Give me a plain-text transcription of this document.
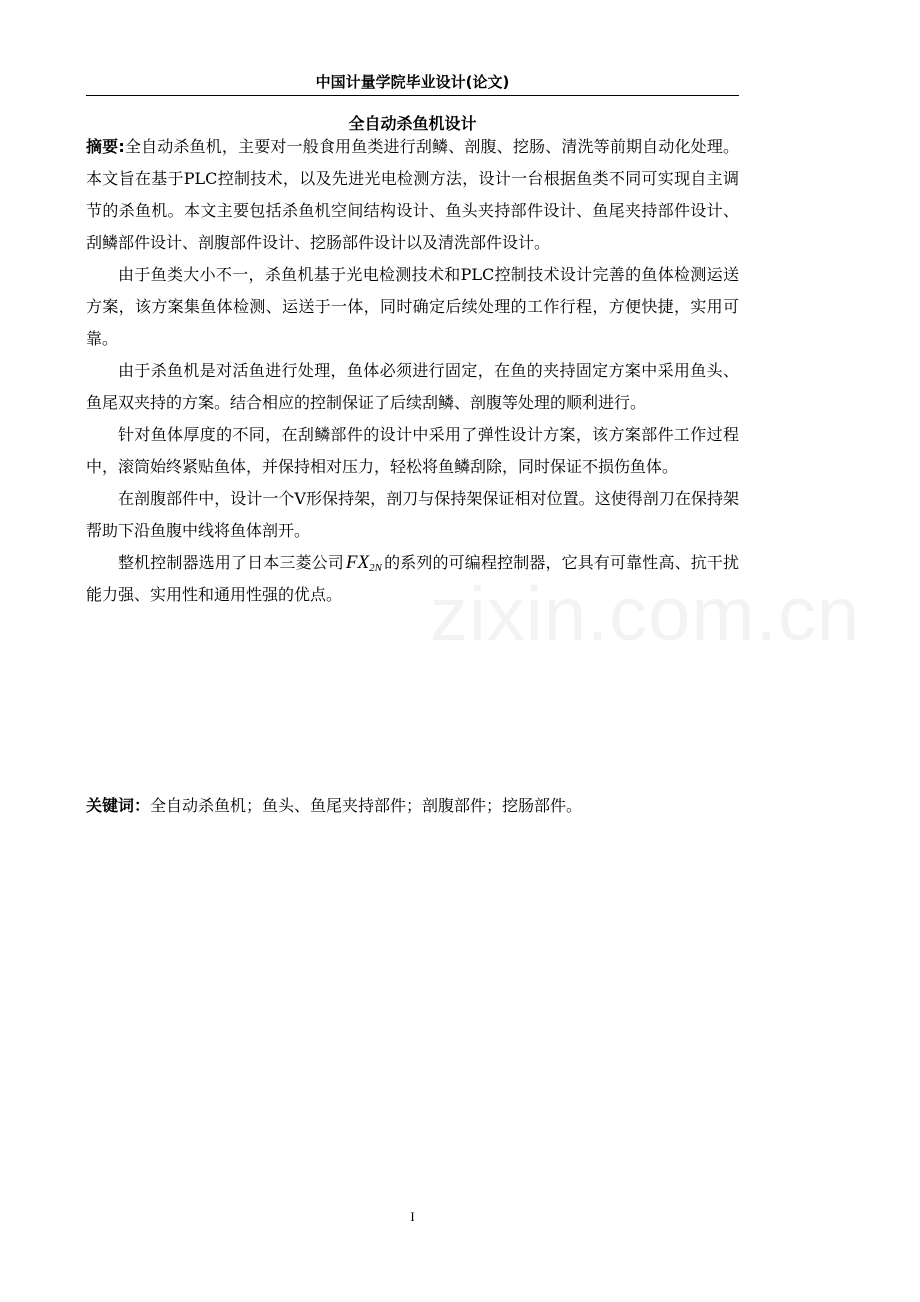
中国计量学院毕业设计(论文)
全自动杀鱼机设计

摘要:全自动杀鱼机，主要对一般食用鱼类进行刮鳞、剖腹、挖肠、清洗等前期自动化处理。本文旨在基于PLC控制技术，以及先进光电检测方法，设计一台根据鱼类不同可实现自主调节的杀鱼机。本文主要包括杀鱼机空间结构设计、鱼头夹持部件设计、鱼尾夹持部件设计、刮鳞部件设计、剖腹部件设计、挖肠部件设计以及清洗部件设计。

由于鱼类大小不一，杀鱼机基于光电检测技术和PLC控制技术设计完善的鱼体检测运送方案，该方案集鱼体检测、运送于一体，同时确定后续处理的工作行程，方便快捷，实用可靠。

由于杀鱼机是对活鱼进行处理，鱼体必须进行固定，在鱼的夹持固定方案中采用鱼头、鱼尾双夹持的方案。结合相应的控制保证了后续刮鳞、剖腹等处理的顺利进行。

针对鱼体厚度的不同，在刮鳞部件的设计中采用了弹性设计方案，该方案部件工作过程中，滚筒始终紧贴鱼体，并保持相对压力，轻松将鱼鳞刮除，同时保证不损伤鱼体。

在剖腹部件中，设计一个V形保持架，剖刀与保持架保证相对位置。这使得剖刀在保持架帮助下沿鱼腹中线将鱼体剖开。

整机控制器选用了日本三菱公司 $FX_{2N}$ 的系列的可编程控制器，它具有可靠性高、抗干扰能力强、实用性和通用性强的优点。

关键词：全自动杀鱼机；鱼头、鱼尾夹持部件；剖腹部件；挖肠部件。

I
